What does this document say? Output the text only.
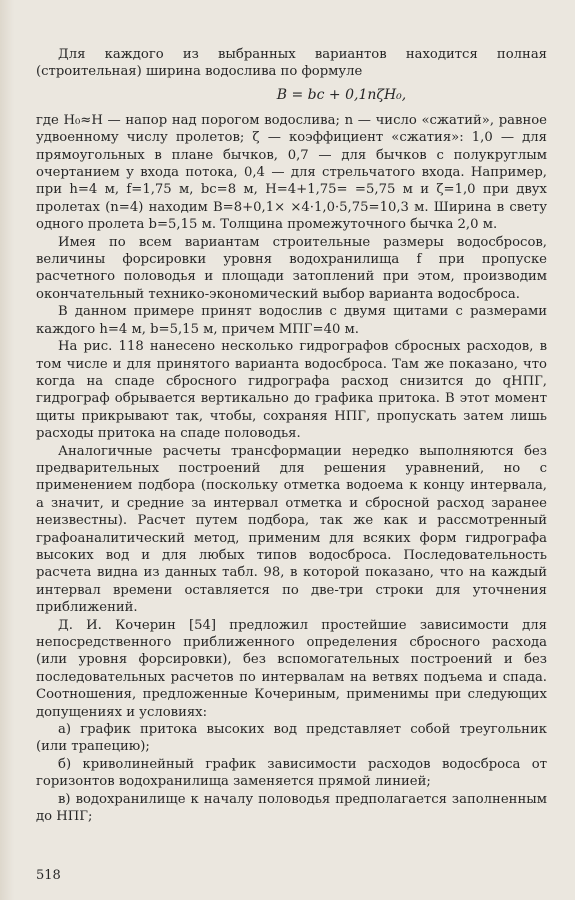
Для каждого из выбранных вариантов находится полная (строительная) ширина водослива по формуле

B = bc + 0,1nζH₀,

где H₀≈H — напор над порогом водослива; n — число «сжатий», равное удвоенному числу пролетов; ζ — коэффициент «сжатия»: 1,0 — для прямоугольных в плане бычков, 0,7 — для бычков с полукруглым очертанием у входа потока, 0,4 — для стрельчатого входа. Например, при h=4 м, f=1,75 м, bc=8 м, H=4+1,75= =5,75 м и ζ=1,0 при двух пролетах (n=4) находим B=8+0,1× ×4·1,0·5,75=10,3 м. Ширина в свету одного пролета b=5,15 м. Толщина промежуточного бычка 2,0 м.

Имея по всем вариантам строительные размеры водосбросов, величины форсировки уровня водохранилища f при пропуске расчетного половодья и площади затоплений при этом, производим окончательный технико-экономический выбор варианта водосброса.

В данном примере принят водослив с двумя щитами с размерами каждого h=4 м, b=5,15 м, причем МПГ=40 м.

На рис. 118 нанесено несколько гидрографов сбросных расходов, в том числе и для принятого варианта водосброса. Там же показано, что когда на спаде сбросного гидрографа расход снизится до qНПГ, гидрограф обрывается вертикально до графика притока. В этот момент щиты прикрывают так, чтобы, сохраняя НПГ, пропускать затем лишь расходы притока на спаде половодья.

Аналогичные расчеты трансформации нередко выполняются без предварительных построений для решения уравнений, но с применением подбора (поскольку отметка водоема к концу интервала, а значит, и средние за интервал отметка и сбросной расход заранее неизвестны). Расчет путем подбора, так же как и рассмотренный графоаналитический метод, применим для всяких форм гидрографа высоких вод и для любых типов водосброса. Последовательность расчета видна из данных табл. 98, в которой показано, что на каждый интервал времени оставляется по две-три строки для уточнения приближений.

Д. И. Кочерин [54] предложил простейшие зависимости для непосредственного приближенного определения сбросного расхода (или уровня форсировки), без вспомогательных построений и без последовательных расчетов по интервалам на ветвях подъема и спада. Соотношения, предложенные Кочериным, применимы при следующих допущениях и условиях:

а) график притока высоких вод представляет собой треугольник (или трапецию);

б) криволинейный график зависимости расходов водосброса от горизонтов водохранилища заменяется прямой линией;

в) водохранилище к началу половодья предполагается заполненным до НПГ;

518
